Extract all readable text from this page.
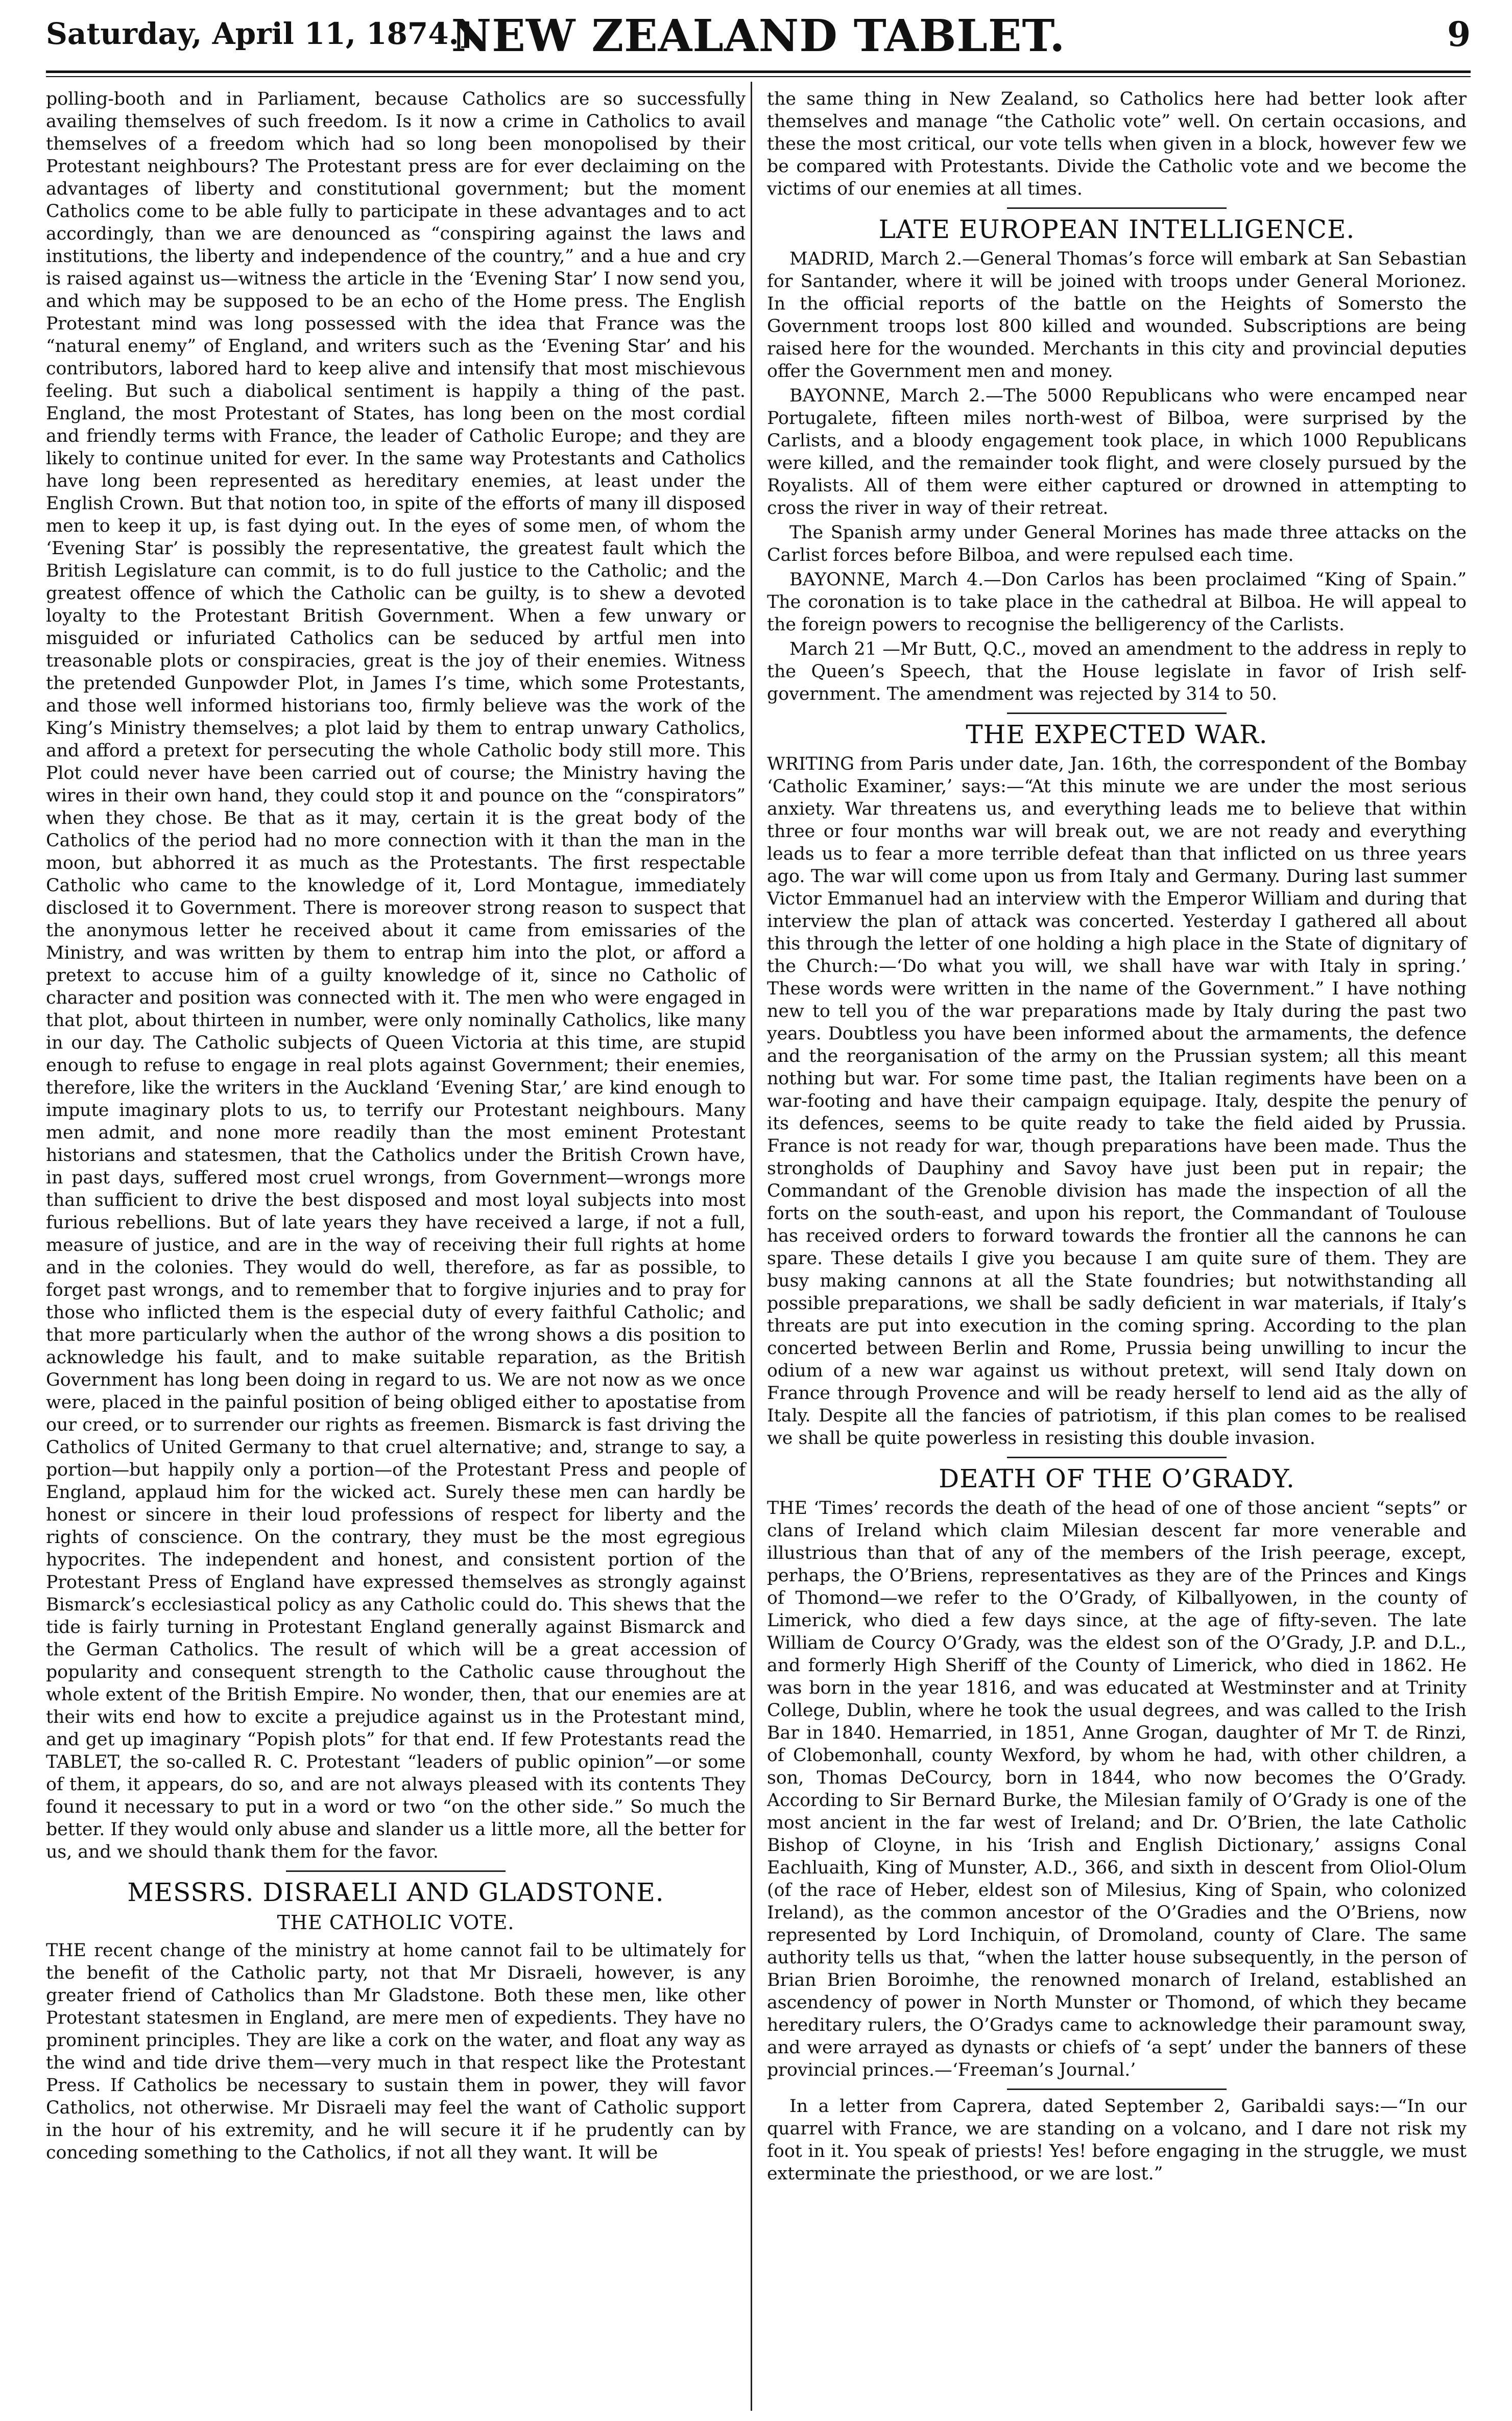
Saturday, April 11, 1874.]
NEW ZEALAND TABLET.	9

polling-booth and in Parliament, because Catholics are so successfully availing themselves of such freedom. Is it now a crime in Catholics to avail themselves of a freedom which had so long been monopolised by their Protestant neighbours? The Protestant press are for ever declaiming on the advantages of liberty and constitutional government; but the moment Catholics come to be able fully to participate in these advantages and to act accordingly, than we are denounced as “conspiring against the laws and institutions, the liberty and independence of the country,” and a hue and cry is raised against us—witness the article in the ‘Evening Star’ I now send you, and which may be supposed to be an echo of the Home press. The English Protestant mind was long possessed with the idea that France was the “natural enemy” of England, and writers such as the ‘Evening Star’ and his contributors, labored hard to keep alive and intensify that most mischievous feeling. But such a diabolical sentiment is happily a thing of the past. England, the most Protestant of States, has long been on the most cordial and friendly terms with France, the leader of Catholic Europe; and they are likely to continue united for ever. In the same way Protestants and Catholics have long been represented as hereditary enemies, at least under the English Crown. But that notion too, in spite of the efforts of many ill disposed men to keep it up, is fast dying out. In the eyes of some men, of whom the ‘Evening Star’ is possibly the representative, the greatest fault which the British Legislature can commit, is to do full justice to the Catholic; and the greatest offence of which the Catholic can be guilty, is to shew a devoted loyalty to the Protestant British Government. When a few unwary or misguided or infuriated Catholics can be seduced by artful men into treasonable plots or conspiracies, great is the joy of their enemies. Witness the pretended Gunpowder Plot, in James I’s time, which some Protestants, and those well informed historians too, firmly believe was the work of the King’s Ministry themselves; a plot laid by them to entrap unwary Catholics, and afford a pretext for persecuting the whole Catholic body still more. This Plot could never have been carried out of course; the Ministry having the wires in their own hand, they could stop it and pounce on the “conspirators” when they chose. Be that as it may, certain it is the great body of the Catholics of the period had no more connection with it than the man in the moon, but abhorred it as much as the Protestants. The first respectable Catholic who came to the knowledge of it, Lord Montague, immediately disclosed it to Government. There is moreover strong reason to suspect that the anonymous letter he received about it came from emissaries of the Ministry, and was written by them to entrap him into the plot, or afford a pretext to accuse him of a guilty knowledge of it, since no Catholic of character and position was connected with it. The men who were engaged in that plot, about thirteen in number, were only nominally Catholics, like many in our day. The Catholic subjects of Queen Victoria at this time, are stupid enough to refuse to engage in real plots against Government; their enemies, therefore, like the writers in the Auckland ‘Evening Star,’ are kind enough to impute imaginary plots to us, to terrify our Protestant neighbours. Many men admit, and none more readily than the most eminent Protestant historians and statesmen, that the Catholics under the British Crown have, in past days, suffered most cruel wrongs, from Government—wrongs more than sufficient to drive the best disposed and most loyal subjects into most furious rebellions. But of late years they have received a large, if not a full, measure of justice, and are in the way of receiving their full rights at home and in the colonies. They would do well, therefore, as far as possible, to forget past wrongs, and to remember that to forgive injuries and to pray for those who inflicted them is the especial duty of every faithful Catholic; and that more particularly when the author of the wrong shows a dis position to acknowledge his fault, and to make suitable reparation, as the British Government has long been doing in regard to us. We are not now as we once were, placed in the painful position of being obliged either to apostatise from our creed, or to surrender our rights as freemen. Bismarck is fast driving the Catholics of United Germany to that cruel alternative; and, strange to say, a portion—but happily only a portion—of the Protestant Press and people of England, applaud him for the wicked act. Surely these men can hardly be honest or sincere in their loud professions of respect for liberty and the rights of conscience. On the contrary, they must be the most egregious hypocrites. The independent and honest, and consistent portion of the Protestant Press of England have expressed themselves as strongly against Bismarck’s ecclesiastical policy as any Catholic could do. This shews that the tide is fairly turning in Protestant England generally against Bismarck and the German Catholics. The result of which will be a great accession of popularity and consequent strength to the Catholic cause throughout the whole extent of the British Empire. No wonder, then, that our enemies are at their wits end how to excite a prejudice against us in the Protestant mind, and get up imaginary “Popish plots” for that end. If few Protestants read the TABLET, the so-called R. C. Protestant “leaders of public opinion”—or some of them, it appears, do so, and are not always pleased with its contents They found it necessary to put in a word or two “on the other side.” So much the better. If they would only abuse and slander us a little more, all the better for us, and we should thank them for the favor.

MESSRS. DISRAELI AND GLADSTONE.
THE CATHOLIC VOTE.

THE recent change of the ministry at home cannot fail to be ultimately for the benefit of the Catholic party, not that Mr Disraeli, however, is any greater friend of Catholics than Mr Gladstone. Both these men, like other Protestant statesmen in England, are mere men of expedients. They have no prominent principles. They are like a cork on the water, and float any way as the wind and tide drive them—very much in that respect like the Protestant Press. If Catholics be necessary to sustain them in power, they will favor Catholics, not otherwise. Mr Disraeli may feel the want of Catholic support in the hour of his extremity, and he will secure it if he prudently can by conceding something to the Catholics, if not all they want. It will be

the same thing in New Zealand, so Catholics here had better look after themselves and manage “the Catholic vote” well. On certain occasions, and these the most critical, our vote tells when given in a block, however few we be compared with Protestants. Divide the Catholic vote and we become the victims of our enemies at all times.

LATE EUROPEAN INTELLIGENCE.

MADRID, March 2.—General Thomas’s force will embark at San Sebastian for Santander, where it will be joined with troops under General Morionez. In the official reports of the battle on the Heights of Somersto the Government troops lost 800 killed and wounded. Subscriptions are being raised here for the wounded. Merchants in this city and provincial deputies offer the Government men and money.

BAYONNE, March 2.—The 5000 Republicans who were encamped near Portugalete, fifteen miles north-west of Bilboa, were surprised by the Carlists, and a bloody engagement took place, in which 1000 Republicans were killed, and the remainder took flight, and were closely pursued by the Royalists. All of them were either captured or drowned in attempting to cross the river in way of their retreat.

The Spanish army under General Morines has made three attacks on the Carlist forces before Bilboa, and were repulsed each time.

BAYONNE, March 4.—Don Carlos has been proclaimed “King of Spain.” The coronation is to take place in the cathedral at Bilboa. He will appeal to the foreign powers to recognise the belligerency of the Carlists.

March 21 —Mr Butt, Q.C., moved an amendment to the address in reply to the Queen’s Speech, that the House legislate in favor of Irish self-government. The amendment was rejected by 314 to 50.

THE EXPECTED WAR.

WRITING from Paris under date, Jan. 16th, the correspondent of the Bombay ‘Catholic Examiner,’ says:—“At this minute we are under the most serious anxiety. War threatens us, and everything leads me to believe that within three or four months war will break out, we are not ready and everything leads us to fear a more terrible defeat than that inflicted on us three years ago. The war will come upon us from Italy and Germany. During last summer Victor Emmanuel had an interview with the Emperor William and during that interview the plan of attack was concerted. Yesterday I gathered all about this through the letter of one holding a high place in the State of dignitary of the Church:—‘Do what you will, we shall have war with Italy in spring.’ These words were written in the name of the Government.” I have nothing new to tell you of the war preparations made by Italy during the past two years. Doubtless you have been informed about the armaments, the defence and the reorganisation of the army on the Prussian system; all this meant nothing but war. For some time past, the Italian regiments have been on a war-footing and have their campaign equipage. Italy, despite the penury of its defences, seems to be quite ready to take the field aided by Prussia. France is not ready for war, though preparations have been made. Thus the strongholds of Dauphiny and Savoy have just been put in repair; the Commandant of the Grenoble division has made the inspection of all the forts on the south-east, and upon his report, the Commandant of Toulouse has received orders to forward towards the frontier all the cannons he can spare. These details I give you because I am quite sure of them. They are busy making cannons at all the State foundries; but notwithstanding all possible preparations, we shall be sadly deficient in war materials, if Italy’s threats are put into execution in the coming spring. According to the plan concerted between Berlin and Rome, Prussia being unwilling to incur the odium of a new war against us without pretext, will send Italy down on France through Provence and will be ready herself to lend aid as the ally of Italy. Despite all the fancies of patriotism, if this plan comes to be realised we shall be quite powerless in resisting this double invasion.

DEATH OF THE O’GRADY.

THE ‘Times’ records the death of the head of one of those ancient “septs” or clans of Ireland which claim Milesian descent far more venerable and illustrious than that of any of the members of the Irish peerage, except, perhaps, the O’Briens, representatives as they are of the Princes and Kings of Thomond—we refer to the O’Grady, of Kilballyowen, in the county of Limerick, who died a few days since, at the age of fifty-seven. The late William de Courcy O’Grady, was the eldest son of the O’Grady, J.P. and D.L., and formerly High Sheriff of the County of Limerick, who died in 1862. He was born in the year 1816, and was educated at Westminster and at Trinity College, Dublin, where he took the usual degrees, and was called to the Irish Bar in 1840. Hemarried, in 1851, Anne Grogan, daughter of Mr T. de Rinzi, of Clobemonhall, county Wexford, by whom he had, with other children, a son, Thomas DeCourcy, born in 1844, who now becomes the O’Grady. According to Sir Bernard Burke, the Milesian family of O’Grady is one of the most ancient in the far west of Ireland; and Dr. O’Brien, the late Catholic Bishop of Cloyne, in his ‘Irish and English Dictionary,’ assigns Conal Eachluaith, King of Munster, A.D., 366, and sixth in descent from Oliol-Olum (of the race of Heber, eldest son of Milesius, King of Spain, who colonized Ireland), as the common ancestor of the O’Gradies and the O’Briens, now represented by Lord Inchiquin, of Dromoland, county of Clare. The same authority tells us that, “when the latter house subsequently, in the person of Brian Brien Boroimhe, the renowned monarch of Ireland, established an ascendency of power in North Munster or Thomond, of which they became hereditary rulers, the O’Gradys came to acknowledge their paramount sway, and were arrayed as dynasts or chiefs of ‘a sept’ under the banners of these provincial princes.—‘Freeman’s Journal.’

In a letter from Caprera, dated September 2, Garibaldi says:—“In our quarrel with France, we are standing on a volcano, and I dare not risk my foot in it. You speak of priests! Yes! before engaging in the struggle, we must exterminate the priesthood, or we are lost.”
